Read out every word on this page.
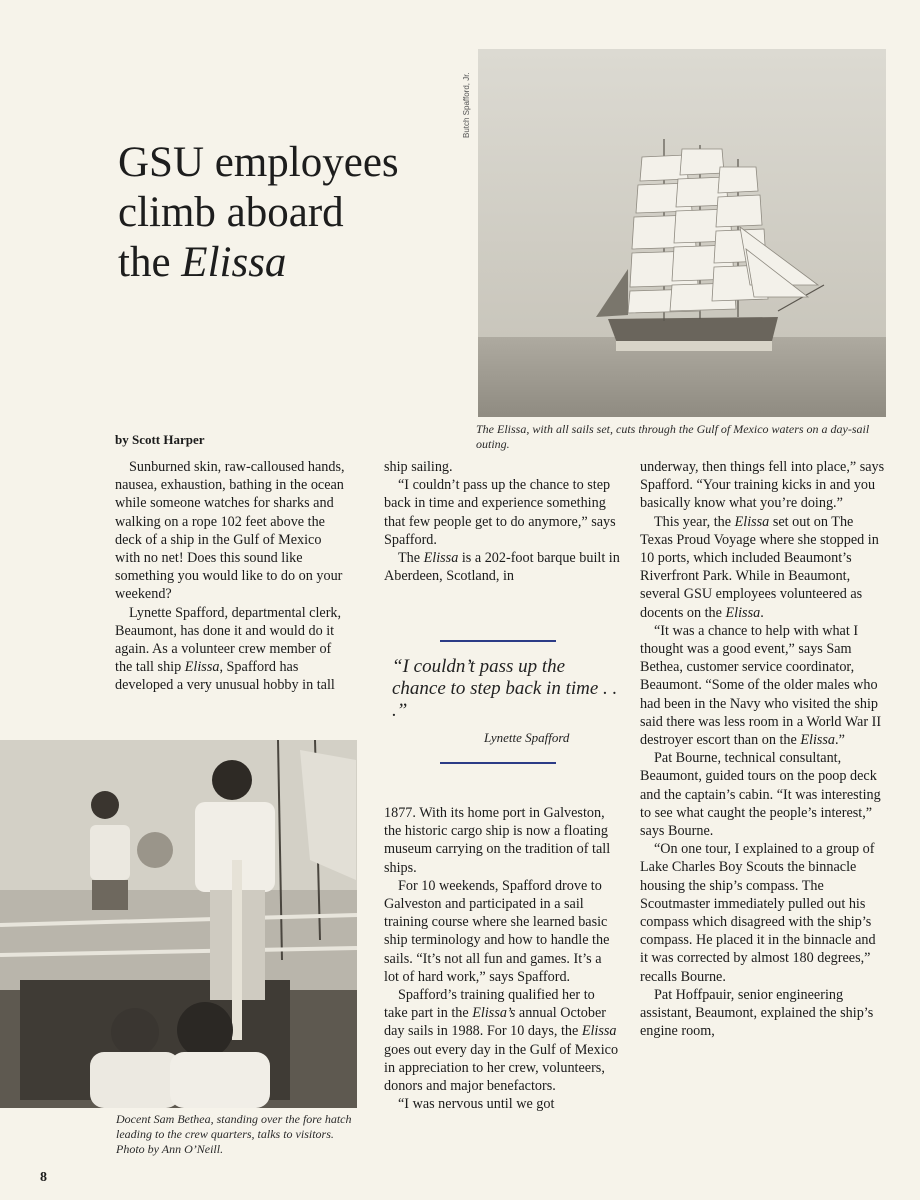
GSU employees
climb aboard
the Elissa
Butch Spafford, Jr.
The Elissa, with all sails set, cuts through the Gulf of Mexico waters on a day-sail outing.
by Scott Harper

Sunburned skin, raw-calloused hands, nausea, exhaustion, bathing in the ocean while someone watches for sharks and walking on a rope 102 feet above the deck of a ship in the Gulf of Mexico with no net! Does this sound like something you would like to do on your weekend?

Lynette Spafford, departmental clerk, Beaumont, has done it and would do it again. As a volunteer crew member of the tall ship Elissa, Spafford has developed a very unusual hobby in tall

ship sailing.

“I couldn’t pass up the chance to step back in time and experience something that few people get to do anymore,” says Spafford.

The Elissa is a 202-foot barque built in Aberdeen, Scotland, in

“I couldn’t pass up the chance to step back in time . . .”
Lynette Spafford

1877. With its home port in Galveston, the historic cargo ship is now a floating museum carrying on the tradition of tall ships.

For 10 weekends, Spafford drove to Galveston and participated in a sail training course where she learned basic ship terminology and how to handle the sails. “It’s not all fun and games. It’s a lot of hard work,” says Spafford.

Spafford’s training qualified her to take part in the Elissa’s annual October day sails in 1988. For 10 days, the Elissa goes out every day in the Gulf of Mexico in appreciation to her crew, volunteers, donors and major benefactors.

“I was nervous until we got

underway, then things fell into place,” says Spafford. “Your training kicks in and you basically know what you’re doing.”

This year, the Elissa set out on The Texas Proud Voyage where she stopped in 10 ports, which included Beaumont’s Riverfront Park. While in Beaumont, several GSU employees volunteered as docents on the Elissa.

“It was a chance to help with what I thought was a good event,” says Sam Bethea, customer service coordinator, Beaumont. “Some of the older males who had been in the Navy who visited the ship said there was less room in a World War II destroyer escort than on the Elissa.”

Pat Bourne, technical consultant, Beaumont, guided tours on the poop deck and the captain’s cabin. “It was interesting to see what caught the people’s interest,” says Bourne.

“On one tour, I explained to a group of Lake Charles Boy Scouts the binnacle housing the ship’s compass. The Scoutmaster immediately pulled out his compass which disagreed with the ship’s compass. He placed it in the binnacle and it was corrected by almost 180 degrees,” recalls Bourne.

Pat Hoffpauir, senior engineering assistant, Beaumont, explained the ship’s engine room,

Docent Sam Bethea, standing over the fore hatch leading to the crew quarters, talks to visitors. Photo by Ann O’Neill.
8
